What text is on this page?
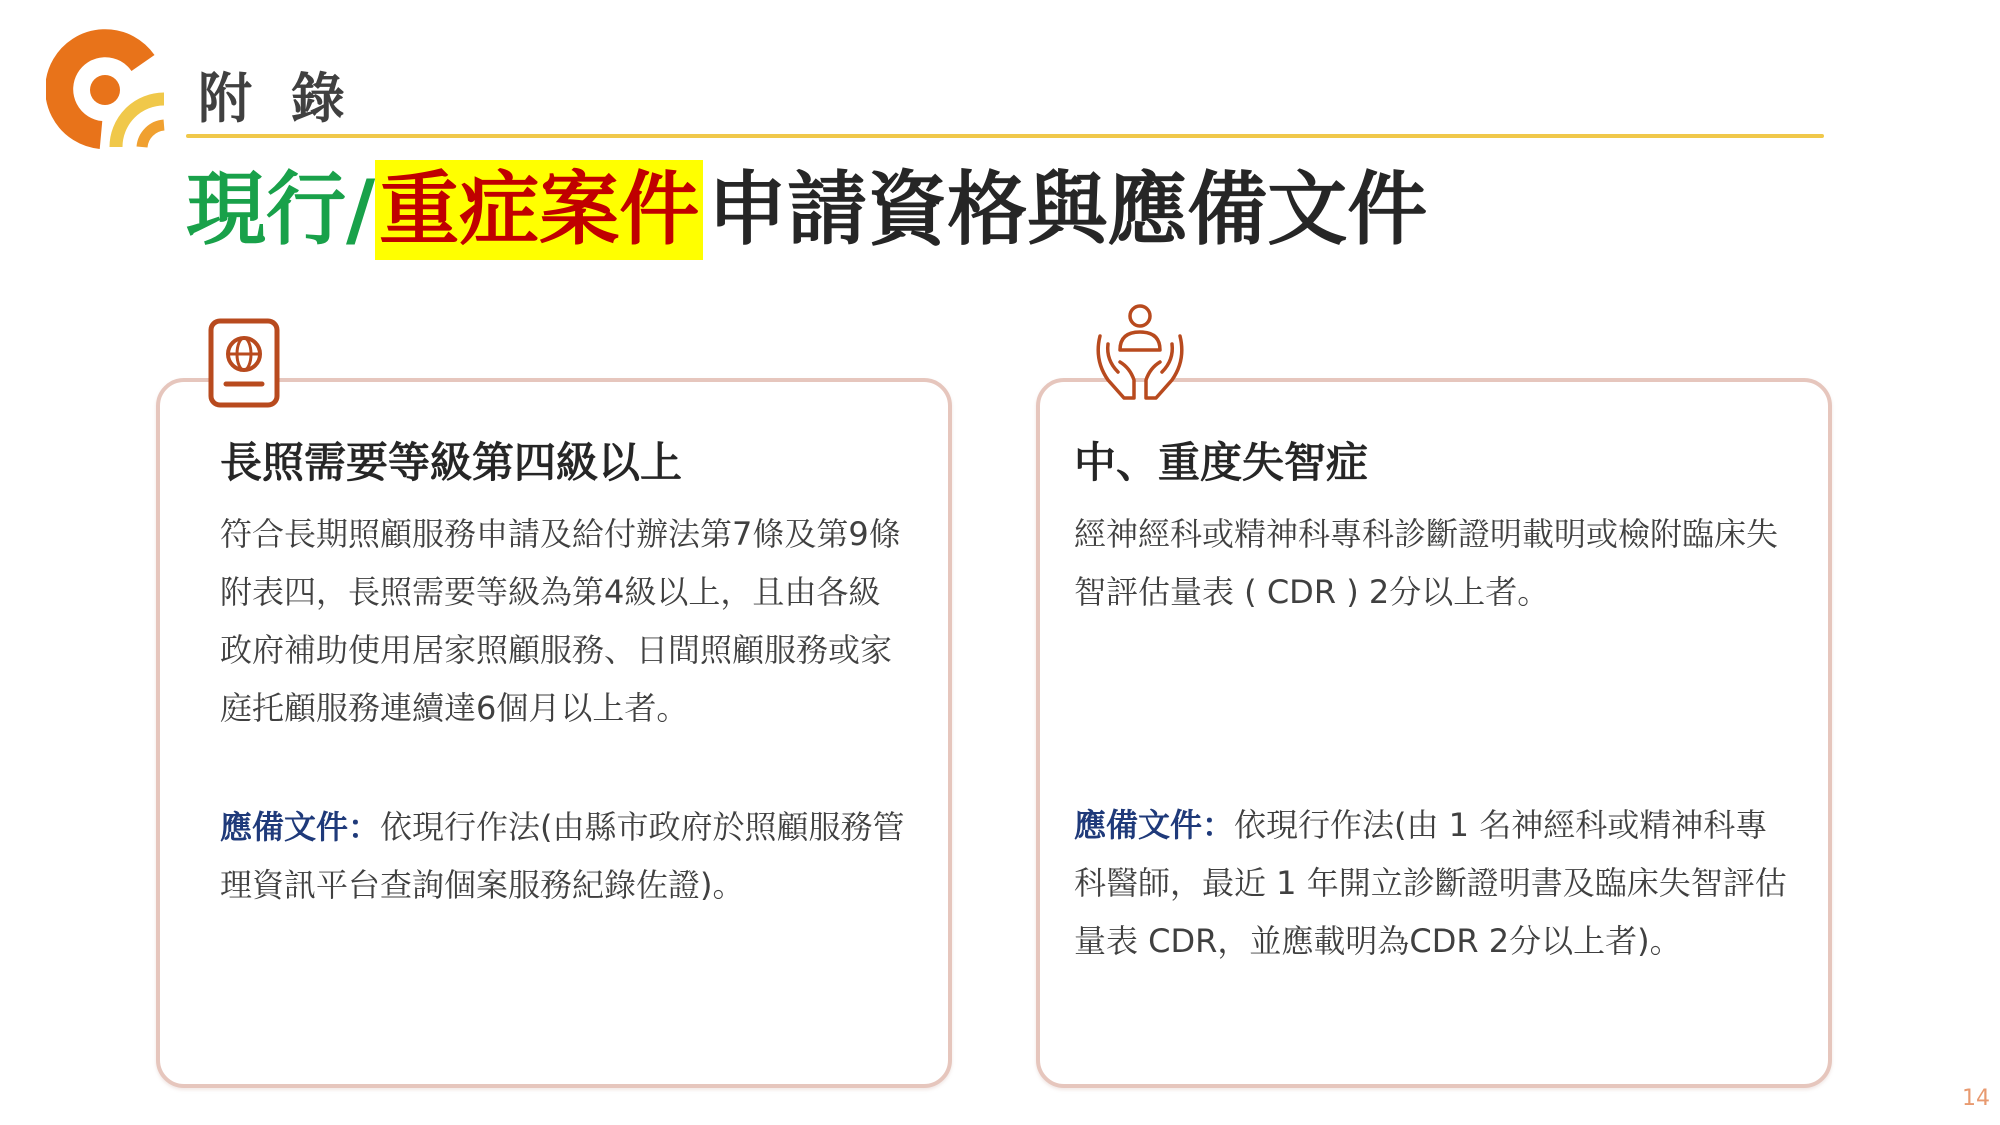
附 錄
現行/ 重症案件 申請資格與應備文件
長照需要等級第四級以上
符合長期照顧服務申請及給付辦法第7條及第9條
附表四，長照需要等級為第4級以上，且由各級
政府補助使用居家照顧服務、日間照顧服務或家
庭托顧服務連續達6個月以上者。
應備文件：依現行作法(由縣市政府於照顧服務管
理資訊平台查詢個案服務紀錄佐證)。
中、重度失智症
經神經科或精神科專科診斷證明載明或檢附臨床失
智評估量表 ( CDR ) 2分以上者。
應備文件：依現行作法(由 1 名神經科或精神科專
科醫師，最近 1 年開立診斷證明書及臨床失智評估
量表 CDR，並應載明為CDR 2分以上者)。
14
